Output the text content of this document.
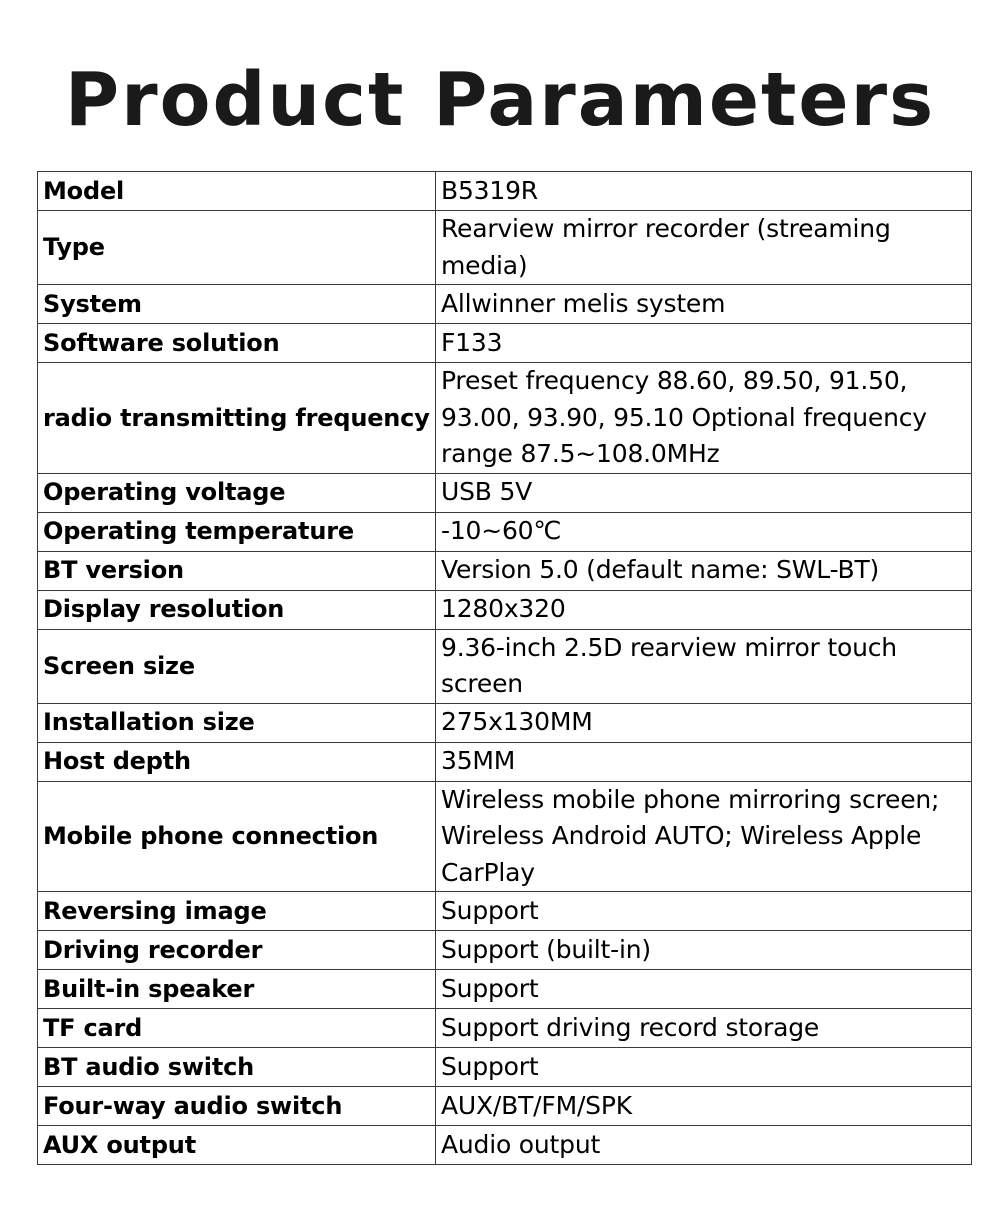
Product Parameters
Model	B5319R
Type	Rearview mirror recorder (streaming media)
System	Allwinner melis system
Software solution	F133
radio transmitting frequency	Preset frequency 88.60, 89.50, 91.50, 93.00, 93.90, 95.10 Optional frequency range 87.5~108.0MHz
Operating voltage	USB 5V
Operating temperature	-10~60℃
BT version	Version 5.0 (default name: SWL-BT)
Display resolution	1280x320
Screen size	9.36-inch 2.5D rearview mirror touch screen
Installation size	275x130MM
Host depth	35MM
Mobile phone connection	Wireless mobile phone mirroring screen; Wireless Android AUTO; Wireless Apple CarPlay
Reversing image	Support
Driving recorder	Support (built-in)
Built-in speaker	Support
TF card	Support driving record storage
BT audio switch	Support
Four-way audio switch	AUX/BT/FM/SPK
AUX output	Audio output
